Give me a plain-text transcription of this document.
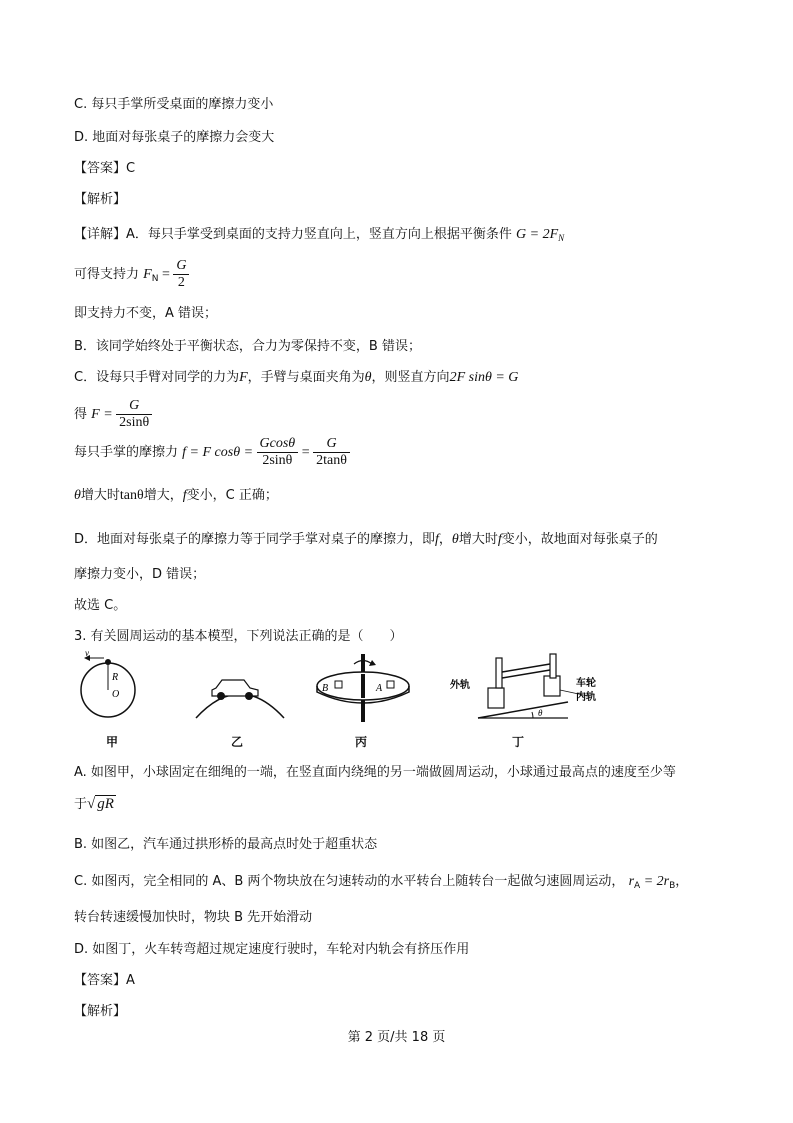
C. 每只手掌所受桌面的摩擦力变小
D. 地面对每张桌子的摩擦力会变大
【答案】C
【解析】
【详解】A．每只手掌受到桌面的支持力竖直向上，竖直方向上根据平衡条件 $G = 2F_N$
可得支持力 $F_N = \frac{G}{2}$
即支持力不变，A 错误；
B．该同学始终处于平衡状态，合力为零保持不变，B 错误；
C．设每只手臂对同学的力为F，手臂与桌面夹角为θ，则竖直方向2F sinθ = G
得 $F = \frac{G}{2\sin\theta}$
每只手掌的摩擦力 f = F $\cos\theta = \frac{Gcos\theta}{2\sin\theta} = \frac{G}{2\tan\theta}$
θ增大时tanθ增大，f变小，C 正确；
D．地面对每张桌子的摩擦力等于同学手掌对桌子的摩擦力，即f，θ增大时f变小，故地面对每张桌子的
摩擦力变小，D 错误；
故选 C。
3. 有关圆周运动的基本模型，下列说法正确的是（　　）
v
R
O
甲	乙
B	A
丙
θ
外轨	车轮
内轨
丁
A. 如图甲，小球固定在细绳的一端，在竖直面内绕绳的另一端做圆周运动，小球通过最高点的速度至少等
于√ gR
B. 如图乙，汽车通过拱形桥的最高点时处于超重状态
C. 如图丙，完全相同的 A、B 两个物块放在匀速转动的水平转台上随转台一起做匀速圆周运动， $r_A = 2r_B$，
转台转速缓慢加快时，物块 B 先开始滑动
D. 如图丁，火车转弯超过规定速度行驶时，车轮对内轨会有挤压作用
【答案】A
【解析】
第 2 页/共 18 页
